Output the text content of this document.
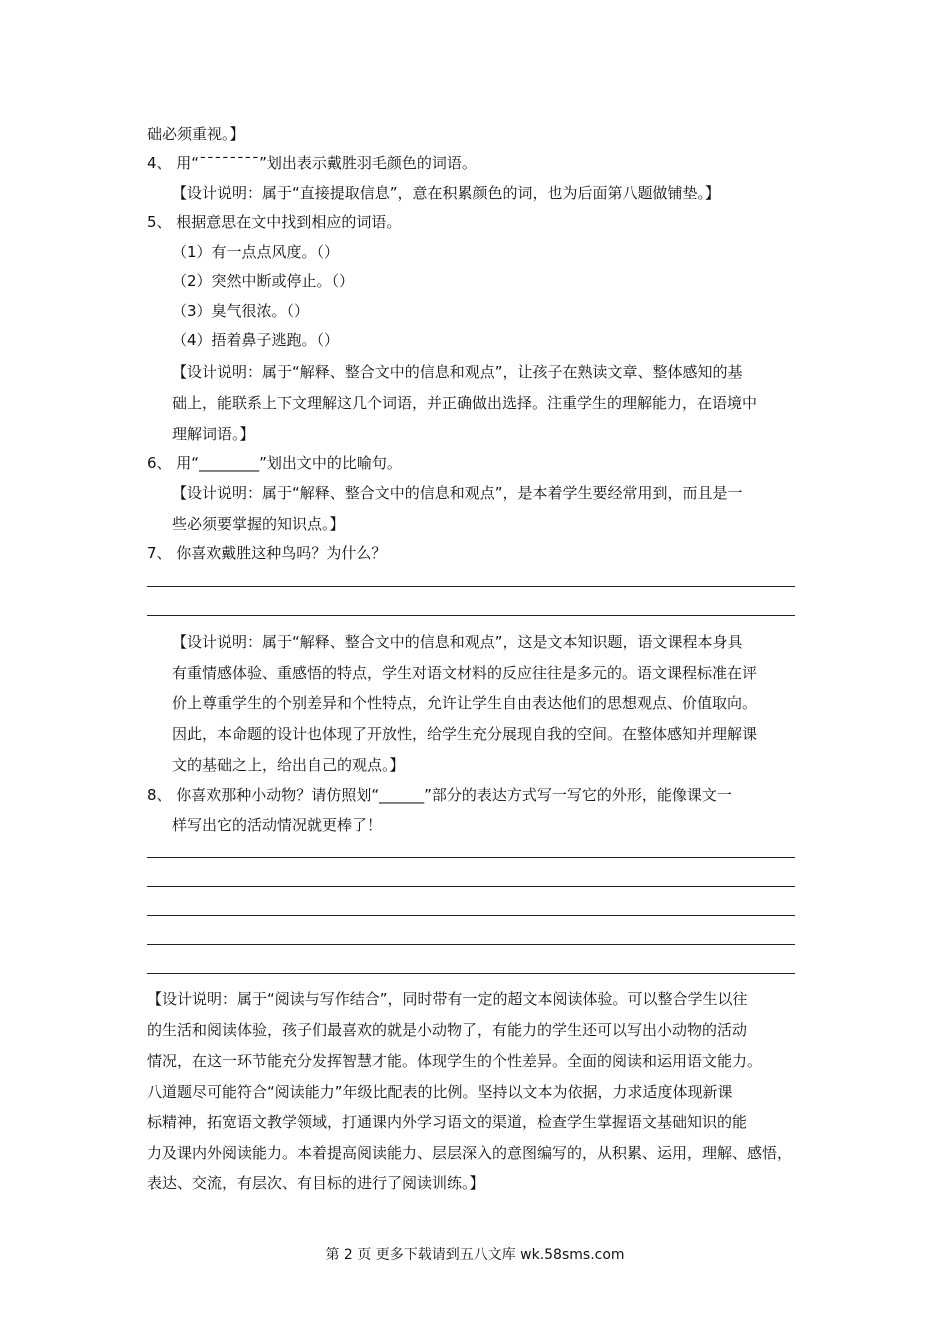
础必须重视。】
4、 用“¯¯¯¯¯¯¯¯”划出表示戴胜羽毛颜色的词语。
【设计说明：属于“直接提取信息”，意在积累颜色的词，也为后面第八题做铺垫。】
5、 根据意思在文中找到相应的词语。
（1）有一点点风度。（）
（2）突然中断或停止。（）
（3）臭气很浓。（）
（4）捂着鼻子逃跑。（）
【设计说明：属于“解释、整合文中的信息和观点”，让孩子在熟读文章、整体感知的基
础上，能联系上下文理解这几个词语，并正确做出选择。注重学生的理解能力，在语境中
理解词语。】
6、 用“________”划出文中的比喻句。
【设计说明：属于“解释、整合文中的信息和观点”，是本着学生要经常用到，而且是一
些必须要掌握的知识点。】
7、 你喜欢戴胜这种鸟吗？为什么？
【设计说明：属于“解释、整合文中的信息和观点”，这是文本知识题，语文课程本身具
有重情感体验、重感悟的特点，学生对语文材料的反应往往是多元的。语文课程标准在评
价上尊重学生的个别差异和个性特点，允许让学生自由表达他们的思想观点、价值取向。
因此，本命题的设计也体现了开放性，给学生充分展现自我的空间。在整体感知并理解课
文的基础之上，给出自己的观点。】
8、 你喜欢那种小动物？请仿照划“______”部分的表达方式写一写它的外形，能像课文一
样写出它的活动情况就更棒了！
【设计说明：属于“阅读与写作结合”，同时带有一定的超文本阅读体验。可以整合学生以往
的生活和阅读体验，孩子们最喜欢的就是小动物了，有能力的学生还可以写出小动物的活动
情况，在这一环节能充分发挥智慧才能。体现学生的个性差异。全面的阅读和运用语文能力。
八道题尽可能符合“阅读能力”年级比配表的比例。坚持以文本为依据，力求适度体现新课
标精神，拓宽语文教学领域，打通课内外学习语文的渠道，检查学生掌握语文基础知识的能
力及课内外阅读能力。本着提高阅读能力、层层深入的意图编写的，从积累、运用，理解、感悟，
表达、交流，有层次、有目标的进行了阅读训练。】
第 2 页 更多下载请到五八文库 wk.58sms.com
